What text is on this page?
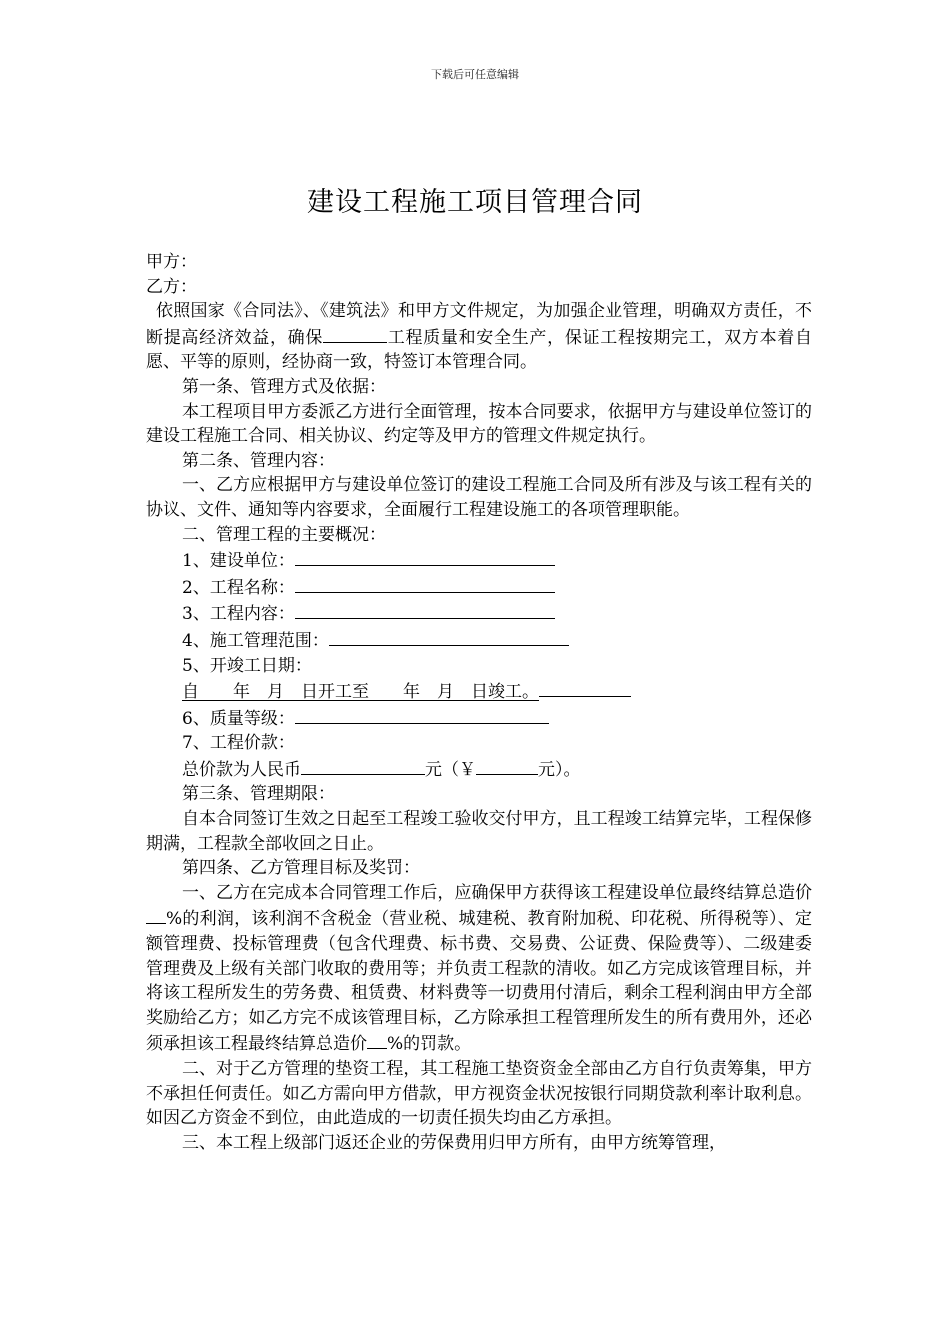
下载后可任意编辑
建设工程施工项目管理合同

甲方：

乙方：

依照国家《合同法》、《建筑法》和甲方文件规定，为加强企业管理，明确双方责任，不断提高经济效益，确保	工程质量和安全生产，保证工程按期完工，双方本着自愿、平等的原则，经协商一致，特签订本管理合同。

第一条、管理方式及依据：

本工程项目甲方委派乙方进行全面管理，按本合同要求，依据甲方与建设单位签订的建设工程施工合同、相关协议、约定等及甲方的管理文件规定执行。

第二条、管理内容：

一、乙方应根据甲方与建设单位签订的建设工程施工合同及所有涉及与该工程有关的协议、文件、通知等内容要求，全面履行工程建设施工的各项管理职能。

二、管理工程的主要概况：

1、建设单位：

2、工程名称：

3、工程内容：

4、施工管理范围：

5、开竣工日期：

自　　年　月　日开工至　　年　月　日竣工。

6、质量等级：

7、工程价款：

总价款为人民币	元（￥	元）。

第三条、管理期限：

自本合同签订生效之日起至工程竣工验收交付甲方，且工程竣工结算完毕，工程保修期满，工程款全部收回之日止。

第四条、乙方管理目标及奖罚：

一、乙方在完成本合同管理工作后，应确保甲方获得该工程建设单位最终结算总造价%的利润，该利润不含税金（营业税、城建税、教育附加税、印花税、所得税等）、定额管理费、投标管理费（包含代理费、标书费、交易费、公证费、保险费等）、二级建委管理费及上级有关部门收取的费用等；并负责工程款的清收。如乙方完成该管理目标，并将该工程所发生的劳务费、租赁费、材料费等一切费用付清后，剩余工程利润由甲方全部奖励给乙方；如乙方完不成该管理目标，乙方除承担工程管理所发生的所有费用外，还必须承担该工程最终结算总造价 %的罚款。

二、对于乙方管理的垫资工程，其工程施工垫资资金全部由乙方自行负责筹集，甲方不承担任何责任。如乙方需向甲方借款，甲方视资金状况按银行同期贷款利率计取利息。如因乙方资金不到位，由此造成的一切责任损失均由乙方承担。

三、本工程上级部门返还企业的劳保费用归甲方所有，由甲方统筹管理，
